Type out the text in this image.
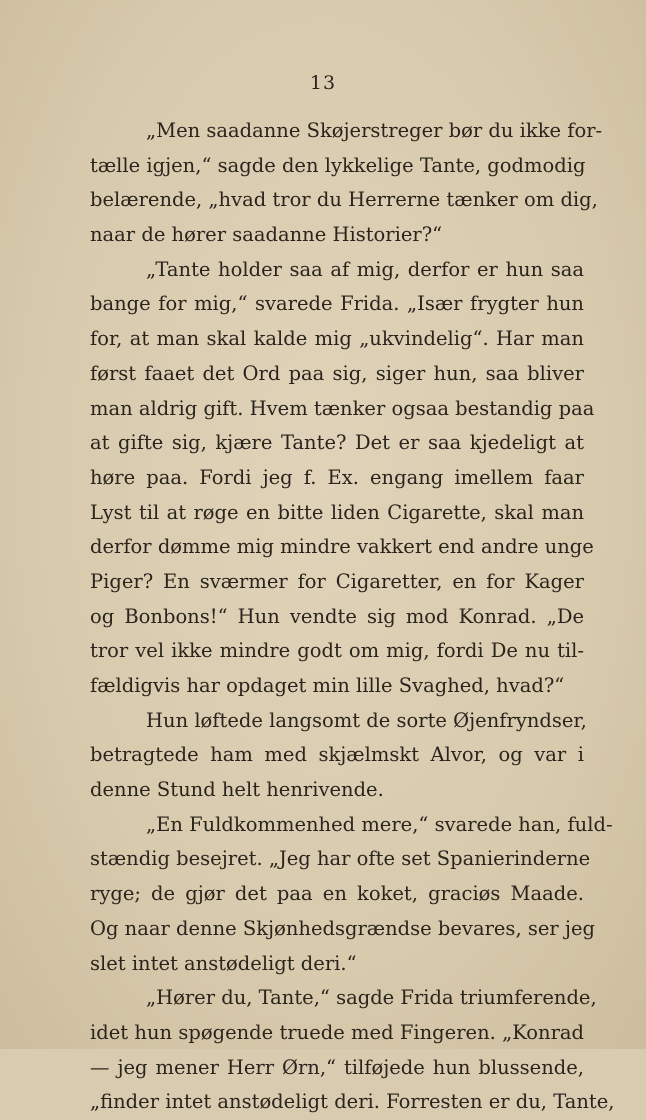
13
„Men saadanne Skøjerstreger bør du ikke for-
tælle igjen,“ sagde den lykkelige Tante, godmodig
belærende, „hvad tror du Herrerne tænker om dig,
naar de hører saadanne Historier?“
„Tante holder saa af mig, derfor er hun saa
bange for mig,“ svarede Frida. „Især frygter hun
for, at man skal kalde mig „ukvindelig“. Har man
først faaet det Ord paa sig, siger hun, saa bliver
man aldrig gift. Hvem tænker ogsaa bestandig paa
at gifte sig, kjære Tante? Det er saa kjedeligt at
høre paa. Fordi jeg f. Ex. engang imellem faar
Lyst til at røge en bitte liden Cigarette, skal man
derfor dømme mig mindre vakkert end andre unge
Piger? En sværmer for Cigaretter, en for Kager
og Bonbons!“ Hun vendte sig mod Konrad. „De
tror vel ikke mindre godt om mig, fordi De nu til-
fældigvis har opdaget min lille Svaghed, hvad?“
Hun løftede langsomt de sorte Øjenfryndser,
betragtede ham med skjælmskt Alvor, og var i
denne Stund helt henrivende.
„En Fuldkommenhed mere,“ svarede han, fuld-
stændig besejret. „Jeg har ofte set Spanierinderne
ryge; de gjør det paa en koket, graciøs Maade.
Og naar denne Skjønhedsgrændse bevares, ser jeg
slet intet anstødeligt deri.“
„Hører du, Tante,“ sagde Frida triumferende,
idet hun spøgende truede med Fingeren. „Konrad
— jeg mener Herr Ørn,“ tilføjede hun blussende,
„finder intet anstødeligt deri. Forresten er du, Tante,
